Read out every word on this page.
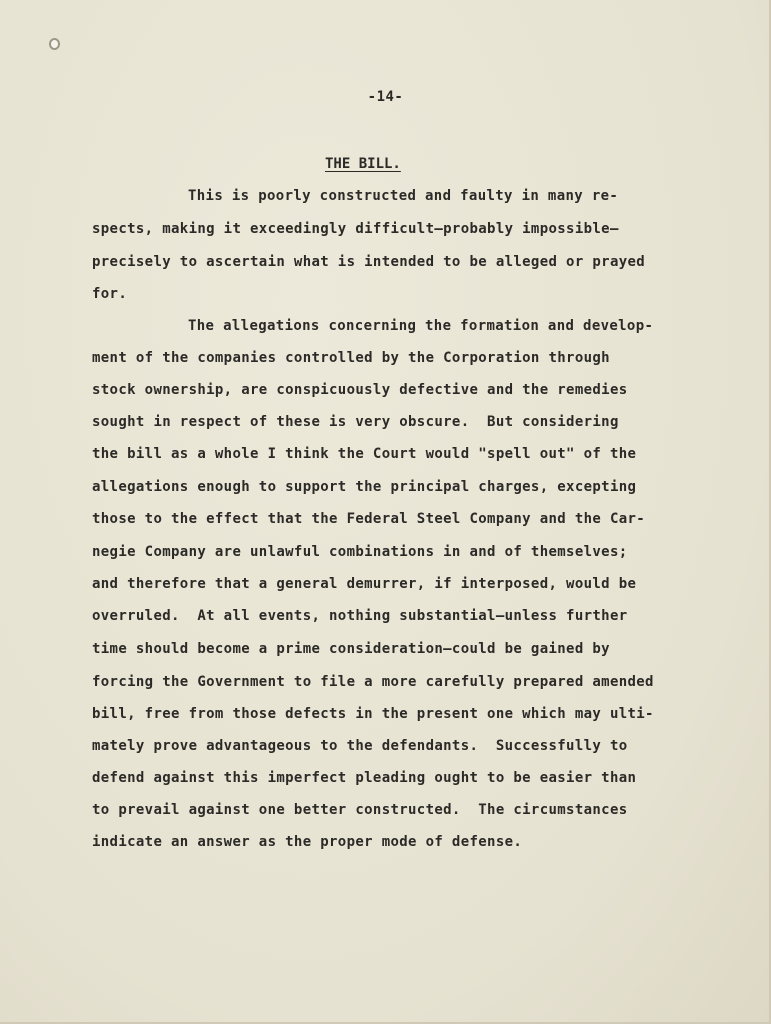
-14-
THE BILL.
This is poorly constructed and faulty in many re-
spects, making it exceedingly difficult—probably impossible—
precisely to ascertain what is intended to be alleged or prayed
for.
The allegations concerning the formation and develop-
ment of the companies controlled by the Corporation through
stock ownership, are conspicuously defective and the remedies
sought in respect of these is very obscure.  But considering
the bill as a whole I think the Court would "spell out" of the
allegations enough to support the principal charges, excepting
those to the effect that the Federal Steel Company and the Car-
negie Company are unlawful combinations in and of themselves;
and therefore that a general demurrer, if interposed, would be
overruled.  At all events, nothing substantial—unless further
time should become a prime consideration—could be gained by
forcing the Government to file a more carefully prepared amended
bill, free from those defects in the present one which may ulti-
mately prove advantageous to the defendants.  Successfully to
defend against this imperfect pleading ought to be easier than
to prevail against one better constructed.  The circumstances
indicate an answer as the proper mode of defense.
